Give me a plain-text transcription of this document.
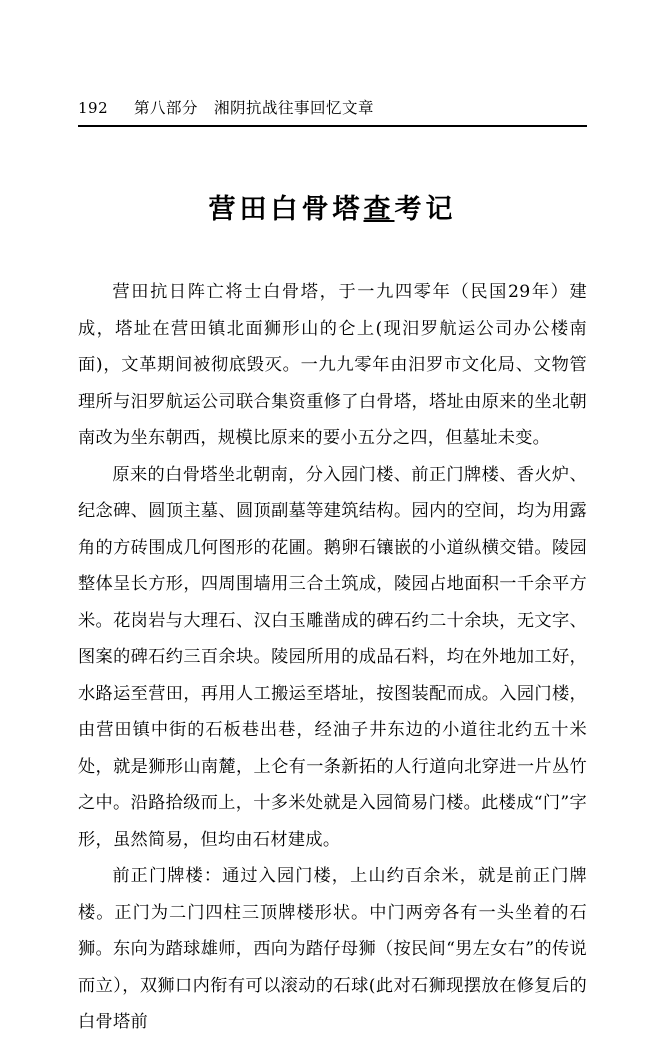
192	第八部分　湘阴抗战往事回忆文章
营田白骨塔查考记

营田抗日阵亡将士白骨塔，于一九四零年（民国29年）建成，塔址在营田镇北面狮形山的仑上(现汨罗航运公司办公楼南面)，文革期间被彻底毁灭。一九九零年由汨罗市文化局、文物管理所与汨罗航运公司联合集资重修了白骨塔，塔址由原来的坐北朝南改为坐东朝西，规模比原来的要小五分之四，但墓址未变。

原来的白骨塔坐北朝南，分入园门楼、前正门牌楼、香火炉、纪念碑、圆顶主墓、圆顶副墓等建筑结构。园内的空间，均为用露角的方砖围成几何图形的花圃。鹅卵石镶嵌的小道纵横交错。陵园整体呈长方形，四周围墙用三合土筑成，陵园占地面积一千余平方米。花岗岩与大理石、汉白玉雕凿成的碑石约二十余块，无文字、图案的碑石约三百余块。陵园所用的成品石料，均在外地加工好，水路运至营田，再用人工搬运至塔址，按图装配而成。入园门楼，由营田镇中街的石板巷出巷，经油子井东边的小道往北约五十米处，就是狮形山南麓，上仑有一条新拓的人行道向北穿进一片丛竹之中。沿路拾级而上，十多米处就是入园简易门楼。此楼成“门”字形，虽然简易，但均由石材建成。

前正门牌楼：通过入园门楼，上山约百余米，就是前正门牌楼。正门为二门四柱三顶牌楼形状。中门两旁各有一头坐着的石狮。东向为踏球雄师，西向为踏仔母狮（按民间“男左女右”的传说而立），双狮口内衔有可以滚动的石球(此对石狮现摆放在修复后的白骨塔前
